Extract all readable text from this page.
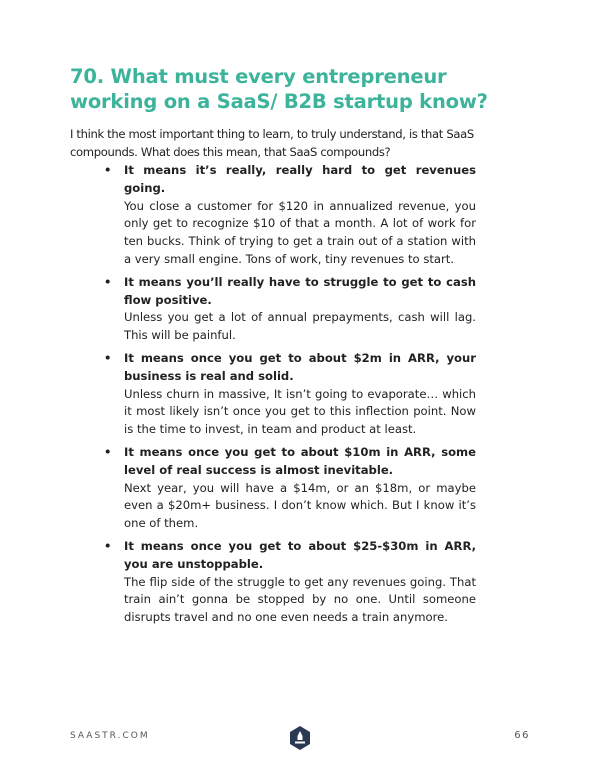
70. What must every entrepreneur working on a SaaS/ B2B startup know?

I think the most important thing to learn, to truly understand, is that SaaS compounds. What does this mean, that SaaS compounds?

• It means it’s really, really hard to get revenues going.
You close a customer for $120 in annualized revenue, you only get to recognize $10 of that a month. A lot of work for ten bucks. Think of trying to get a train out of a station with a very small engine. Tons of work, tiny revenues to start.
• It means you’ll really have to struggle to get to cash flow positive.
Unless you get a lot of annual prepayments, cash will lag. This will be painful.
• It means once you get to about $2m in ARR, your business is real and solid.
Unless churn in massive, It isn’t going to evaporate… which it most likely isn’t once you get to this inflection point. Now is the time to invest, in team and product at least.
• It means once you get to about $10m in ARR, some level of real success is almost inevitable.
Next year, you will have a $14m, or an $18m, or maybe even a $20m+ business. I don’t know which. But I know it’s one of them.
• It means once you get to about $25-$30m in ARR, you are unstoppable.
The flip side of the struggle to get any revenues going. That train ain’t gonna be stopped by no one. Until someone disrupts travel and no one even needs a train anymore.
SAASTR.COM	66
